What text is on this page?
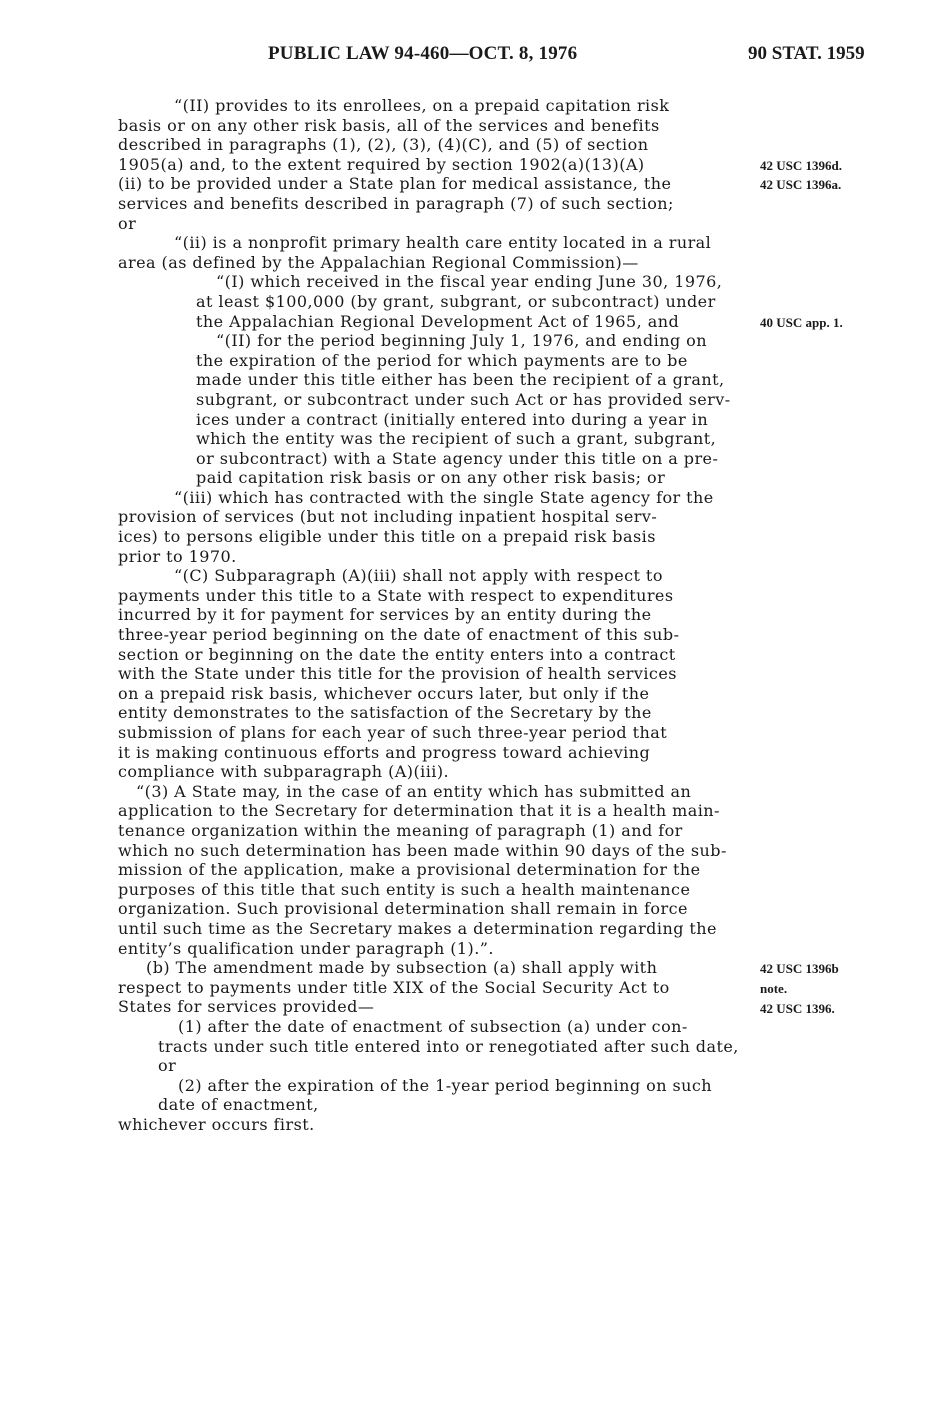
PUBLIC LAW 94-460—OCT. 8, 1976	90 STAT. 1959
“(II) provides to its enrollees, on a prepaid capitation risk
basis or on any other risk basis, all of the services and benefits
described in paragraphs (1), (2), (3), (4)(C), and (5) of section
1905(a) and, to the extent required by section 1902(a)(13)(A)
(ii) to be provided under a State plan for medical assistance, the
services and benefits described in paragraph (7) of such section;
or
“(ii) is a nonprofit primary health care entity located in a rural
area (as defined by the Appalachian Regional Commission)—
“(I) which received in the fiscal year ending June 30, 1976,
at least $100,000 (by grant, subgrant, or subcontract) under
the Appalachian Regional Development Act of 1965, and
“(II) for the period beginning July 1, 1976, and ending on
the expiration of the period for which payments are to be
made under this title either has been the recipient of a grant,
subgrant, or subcontract under such Act or has provided serv-
ices under a contract (initially entered into during a year in
which the entity was the recipient of such a grant, subgrant,
or subcontract) with a State agency under this title on a pre-
paid capitation risk basis or on any other risk basis; or
“(iii) which has contracted with the single State agency for the
provision of services (but not including inpatient hospital serv-
ices) to persons eligible under this title on a prepaid risk basis
prior to 1970.
“(C) Subparagraph (A)(iii) shall not apply with respect to
payments under this title to a State with respect to expenditures
incurred by it for payment for services by an entity during the
three-year period beginning on the date of enactment of this sub-
section or beginning on the date the entity enters into a contract
with the State under this title for the provision of health services
on a prepaid risk basis, whichever occurs later, but only if the
entity demonstrates to the satisfaction of the Secretary by the
submission of plans for each year of such three-year period that
it is making continuous efforts and progress toward achieving
compliance with subparagraph (A)(iii).
“(3) A State may, in the case of an entity which has submitted an
application to the Secretary for determination that it is a health main-
tenance organization within the meaning of paragraph (1) and for
which no such determination has been made within 90 days of the sub-
mission of the application, make a provisional determination for the
purposes of this title that such entity is such a health maintenance
organization. Such provisional determination shall remain in force
until such time as the Secretary makes a determination regarding the
entity’s qualification under paragraph (1).”.
(b) The amendment made by subsection (a) shall apply with
respect to payments under title XIX of the Social Security Act to
States for services provided—
(1) after the date of enactment of subsection (a) under con-
tracts under such title entered into or renegotiated after such date,
or
(2) after the expiration of the 1-year period beginning on such
date of enactment,
whichever occurs first.
42 USC 1396d.
42 USC 1396a.
40 USC app. 1.
42 USC 1396b
note.
42 USC 1396.
